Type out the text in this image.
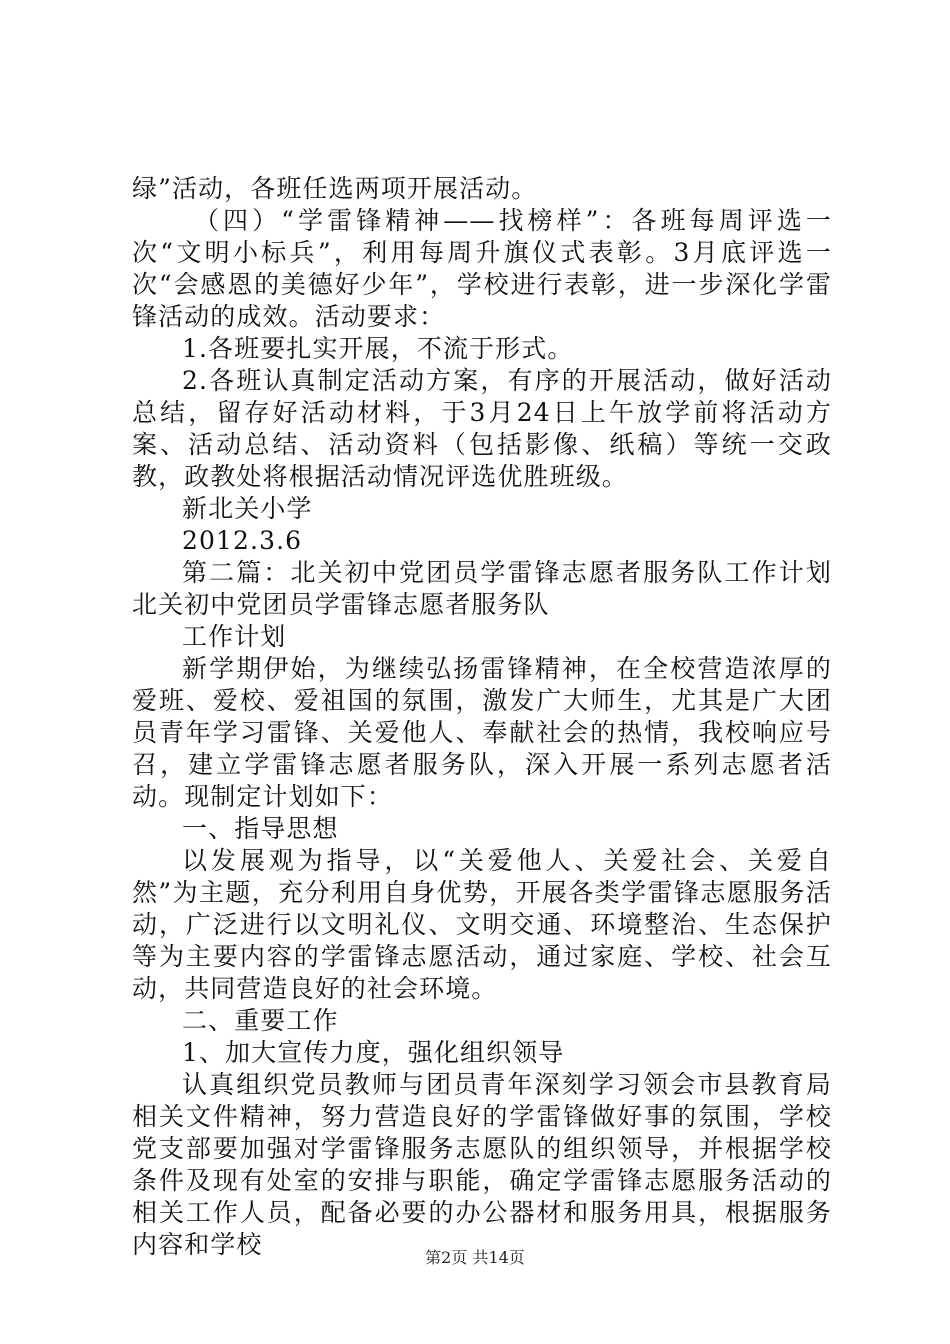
绿”活动，各班任选两项开展活动。

（四）“学雷锋精神——找榜样”：各班每周评选一次“文明小标兵”，利用每周升旗仪式表彰。3月底评选一次“会感恩的美德好少年”，学校进行表彰，进一步深化学雷锋活动的成效。活动要求：

1.各班要扎实开展，不流于形式。

2.各班认真制定活动方案，有序的开展活动，做好活动总结，留存好活动材料，于3月24日上午放学前将活动方案、活动总结、活动资料（包括影像、纸稿）等统一交政教，政教处将根据活动情况评选优胜班级。

新北关小学

2012.3.6

第二篇：北关初中党团员学雷锋志愿者服务队工作计划北关初中党团员学雷锋志愿者服务队

工作计划

新学期伊始，为继续弘扬雷锋精神，在全校营造浓厚的爱班、爱校、爱祖国的氛围，激发广大师生，尤其是广大团员青年学习雷锋、关爱他人、奉献社会的热情，我校响应号召，建立学雷锋志愿者服务队，深入开展一系列志愿者活动。现制定计划如下：

一、指导思想

以发展观为指导，以“关爱他人、关爱社会、关爱自然”为主题，充分利用自身优势，开展各类学雷锋志愿服务活动，广泛进行以文明礼仪、文明交通、环境整治、生态保护等为主要内容的学雷锋志愿活动，通过家庭、学校、社会互动，共同营造良好的社会环境。

二、重要工作

1、加大宣传力度，强化组织领导

认真组织党员教师与团员青年深刻学习领会市县教育局相关文件精神，努力营造良好的学雷锋做好事的氛围，学校党支部要加强对学雷锋服务志愿队的组织领导，并根据学校条件及现有处室的安排与职能，确定学雷锋志愿服务活动的相关工作人员，配备必要的办公器材和服务用具，根据服务内容和学校	第2页 共14页
